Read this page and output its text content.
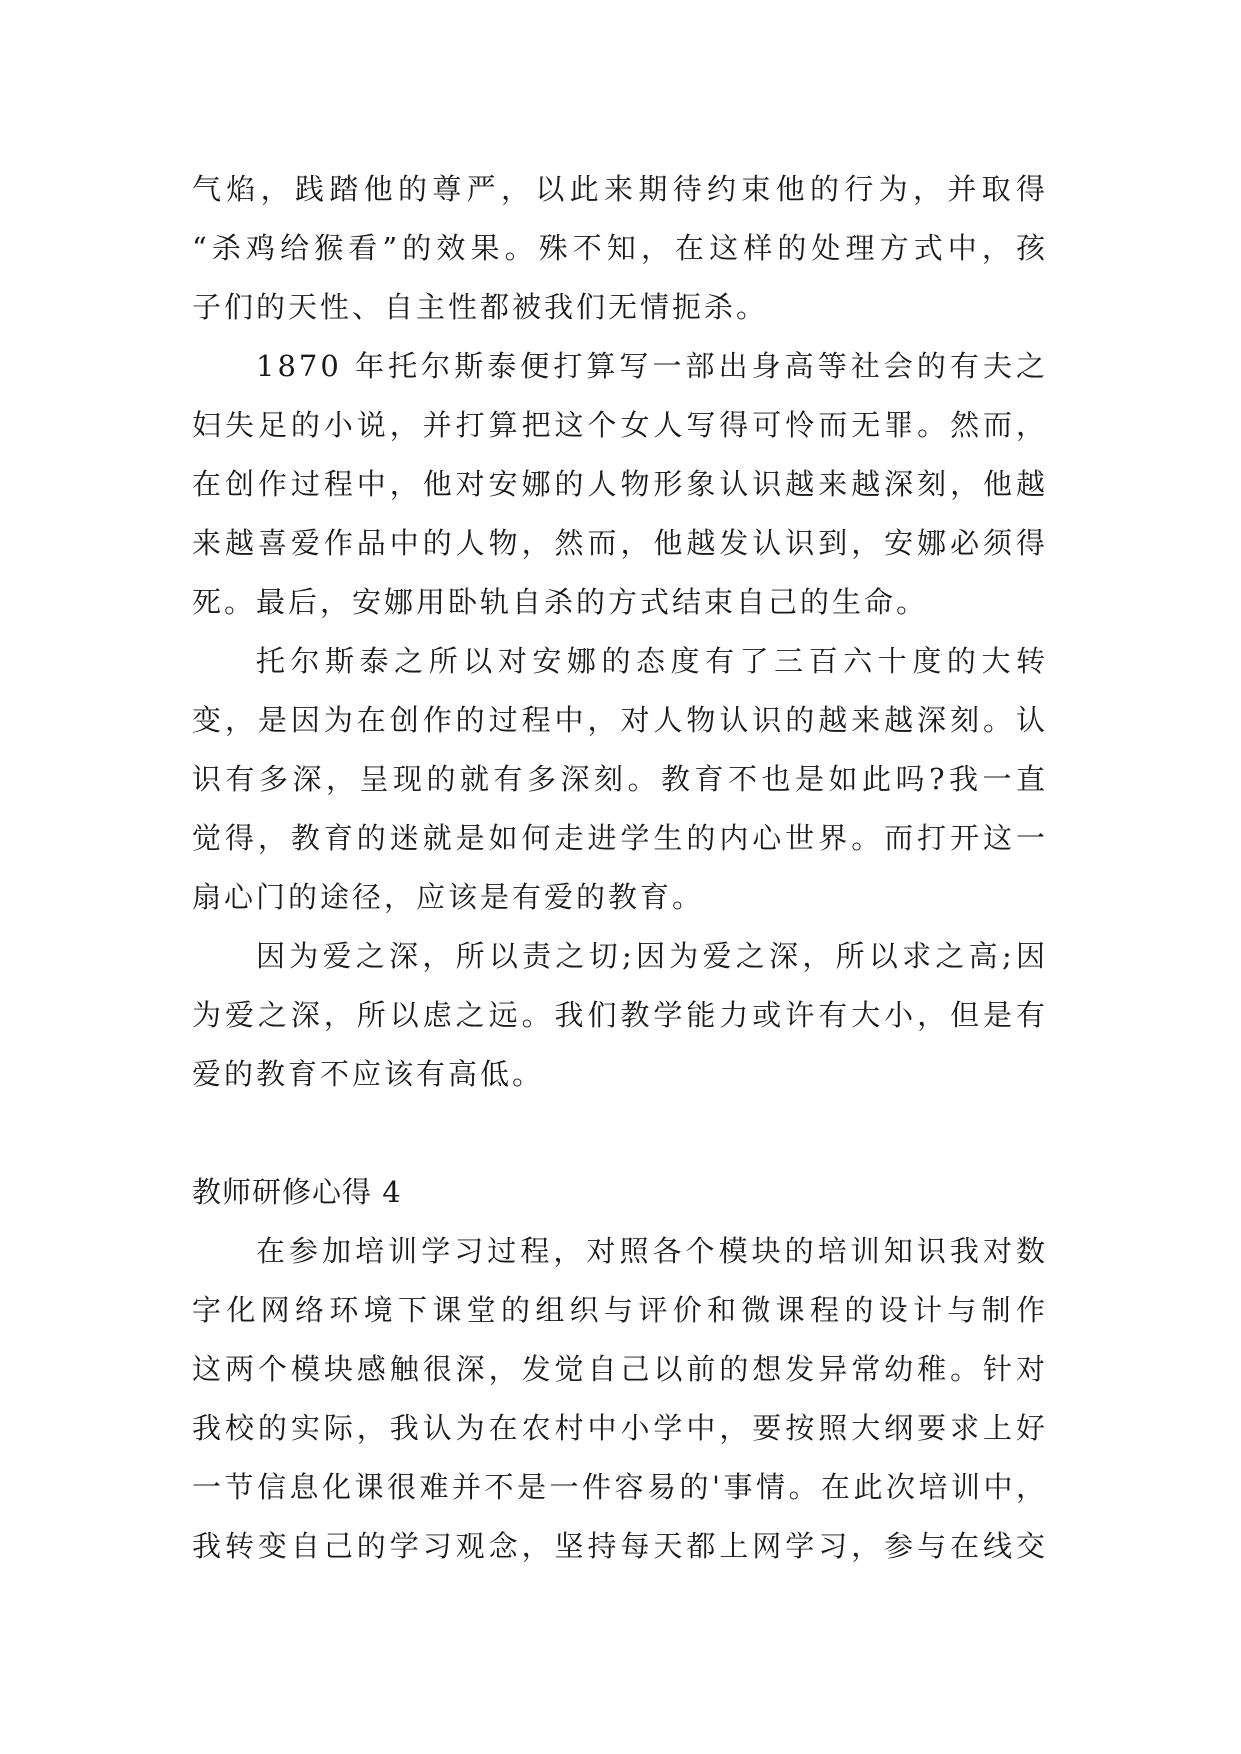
气焰，践踏他的尊严，以此来期待约束他的行为，并取得
“杀鸡给猴看”的效果。殊不知，在这样的处理方式中，孩
子们的天性、自主性都被我们无情扼杀。
1870 年托尔斯泰便打算写一部出身高等社会的有夫之
妇失足的小说，并打算把这个女人写得可怜而无罪。然而，
在创作过程中，他对安娜的人物形象认识越来越深刻，他越
来越喜爱作品中的人物，然而，他越发认识到，安娜必须得
死。最后，安娜用卧轨自杀的方式结束自己的生命。
托尔斯泰之所以对安娜的态度有了三百六十度的大转
变，是因为在创作的过程中，对人物认识的越来越深刻。认
识有多深，呈现的就有多深刻。教育不也是如此吗?我一直
觉得，教育的迷就是如何走进学生的内心世界。而打开这一
扇心门的途径，应该是有爱的教育。
因为爱之深，所以责之切;因为爱之深，所以求之高;因
为爱之深，所以虑之远。我们教学能力或许有大小，但是有
爱的教育不应该有高低。
教师研修心得 4
在参加培训学习过程，对照各个模块的培训知识我对数
字化网络环境下课堂的组织与评价和微课程的设计与制作
这两个模块感触很深，发觉自己以前的想发异常幼稚。针对
我校的实际，我认为在农村中小学中，要按照大纲要求上好
一节信息化课很难并不是一件容易的'事情。在此次培训中，
我转变自己的学习观念，坚持每天都上网学习，参与在线交
